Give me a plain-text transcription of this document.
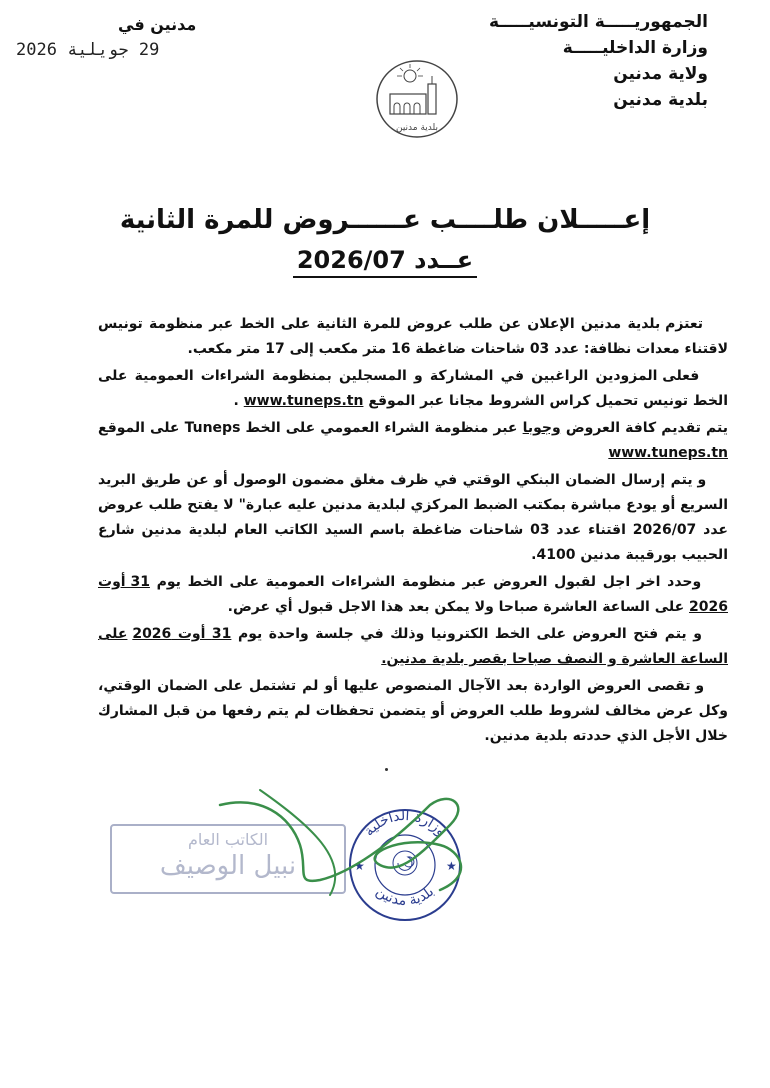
الجمهوريـــــة التونسيـــــة
وزارة الداخليـــــة
ولاية مدنين
بلدية مدنين
مدنين في
29 جويلية 2026
بلدية مدنين
إعـــــلان طلــــب عــــــروض للمرة الثانية
عــدد 2026/07

تعتزم بلدية مدنين الإعلان عن طلب عروض للمرة الثانية على الخط عبر منظومة تونيس لاقتناء معدات نظافة: عدد 03 شاحنات ضاغطة 16 متر مكعب إلى 17 متر مكعب.

فعلى المزودين الراغبين في المشاركة و المسجلين بمنظومة الشراءات العمومية على الخط تونيس تحميل كراس الشروط مجانا عبر الموقع www.tuneps.tn .

يتم تقديم كافة العروض وجوبا عبر منظومة الشراء العمومي على الخط Tuneps على الموقع www.tuneps.tn

و يتم إرسال الضمان البنكي الوقتي في ظرف مغلق مضمون الوصول أو عن طريق البريد السريع أو يودع مباشرة بمكتب الضبط المركزي لبلدية مدنين عليه عبارة" لا يفتح طلب عروض عدد 2026/07 اقتناء عدد 03 شاحنات ضاغطة باسم السيد الكاتب العام لبلدية مدنين شارع الحبيب بورقيبة مدنين 4100.

وحدد اخر اجل لقبول العروض عبر منظومة الشراءات العمومية على الخط يوم 31 أوت 2026 على الساعة العاشرة صباحا ولا يمكن بعد هذا الاجل قبول أي عرض.

و يتم فتح العروض على الخط الكترونيا وذلك في جلسة واحدة يوم 31 أوت 2026 على الساعة العاشرة و النصف صباحا بقصر بلدية مدنين.

و تقصى العروض الواردة بعد الآجال المنصوص عليها أو لم تشتمل على الضمان الوقتي، وكل عرض مخالف لشروط طلب العروض أو يتضمن تحفظات لم يتم رفعها من قبل المشارك خلال الأجل الذي حددته بلدية مدنين.

الكاتب العام
نبيل الوصيف
وزارة الداخلية
بلدية مدنين
★	★
